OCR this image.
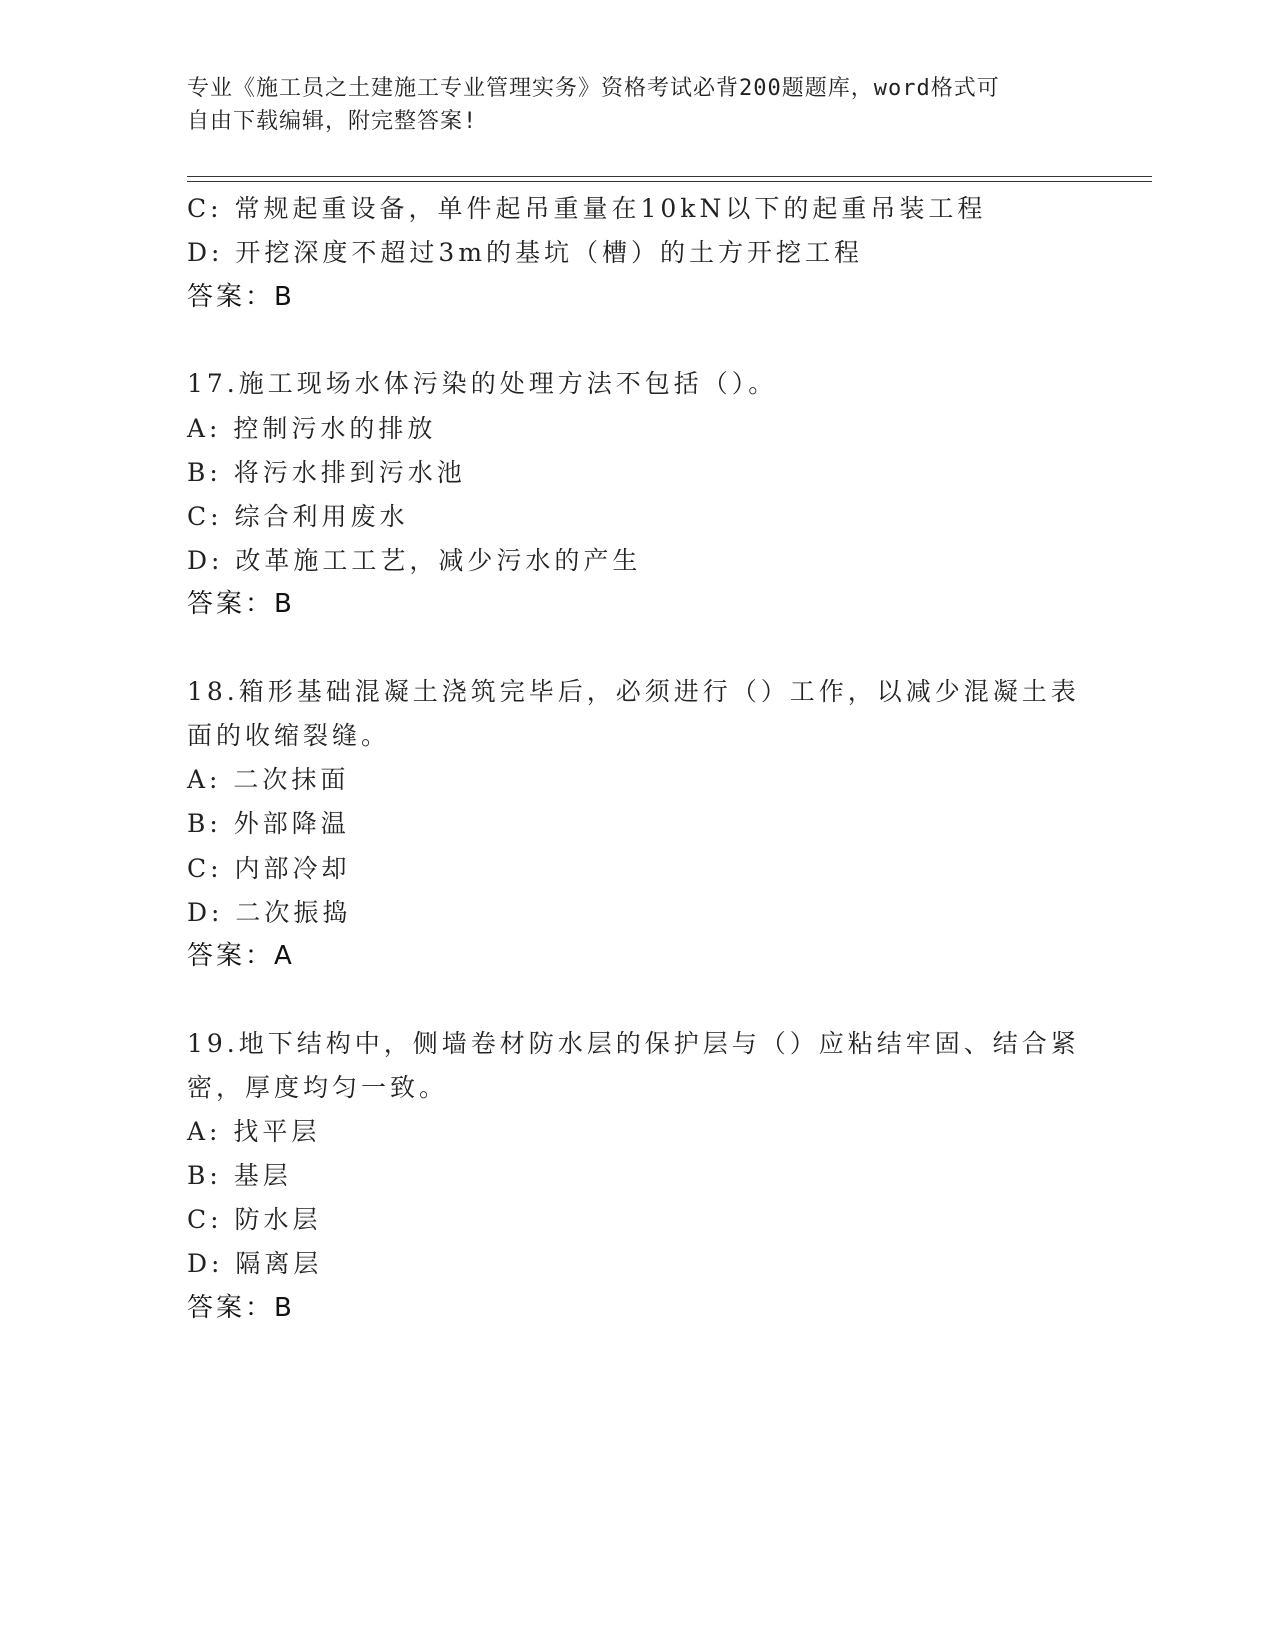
专业《施工员之土建施工专业管理实务》资格考试必背200题题库，word格式可
自由下载编辑，附完整答案!
C: 常规起重设备，单件起吊重量在10kN以下的起重吊装工程
D: 开挖深度不超过3m的基坑（槽）的土方开挖工程
答案：B
17.施工现场水体污染的处理方法不包括（）。
A: 控制污水的排放
B: 将污水排到污水池
C: 综合利用废水
D: 改革施工工艺，减少污水的产生
答案：B
18.箱形基础混凝土浇筑完毕后，必须进行（）工作，以减少混凝土表
面的收缩裂缝。
A: 二次抹面
B: 外部降温
C: 内部冷却
D: 二次振捣
答案：A
19.地下结构中，侧墙卷材防水层的保护层与（）应粘结牢固、结合紧
密，厚度均匀一致。
A: 找平层
B: 基层
C: 防水层
D: 隔离层
答案：B
